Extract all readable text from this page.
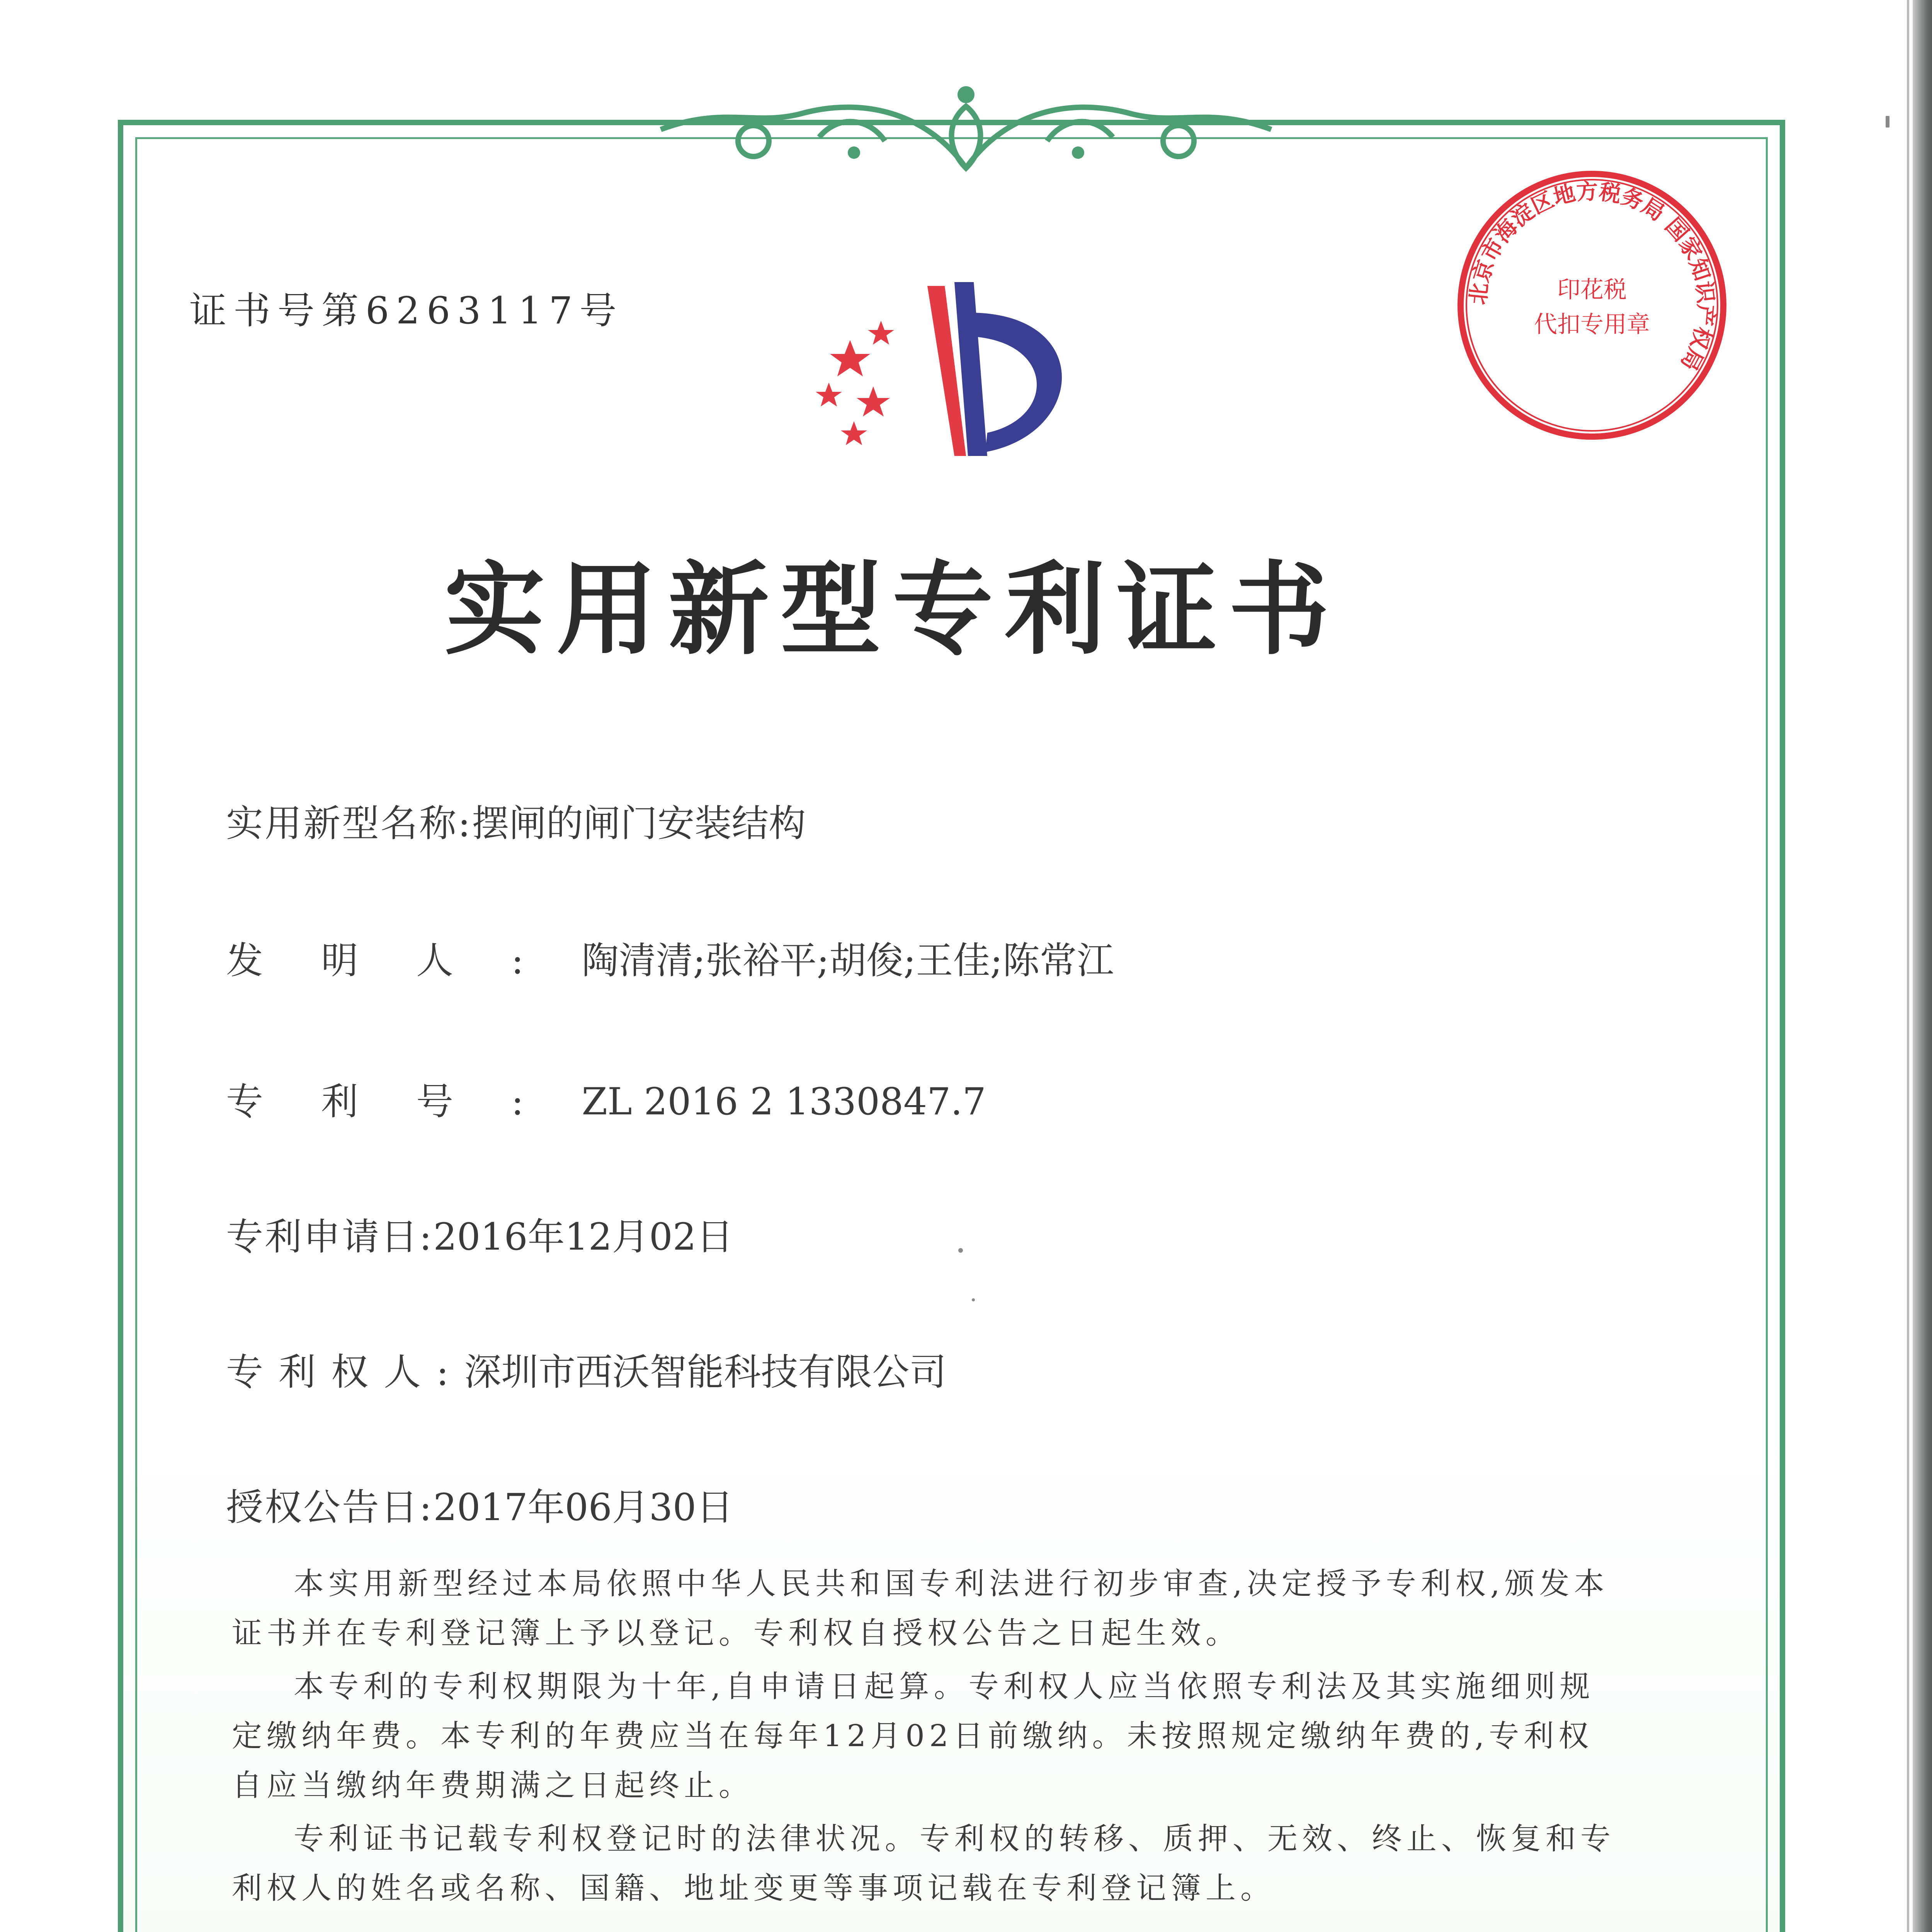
证书号第6263117号
实用新型专利证书
实用新型名称:摆闸的闸门安装结构
发明人:陶清清;张裕平;胡俊;王佳;陈常江
专利号:ZL 2016 2 1330847.7
专利申请日:2016年12月02日
专利权人:深圳市西沃智能科技有限公司
授权公告日:2017年06月30日

本实用新型经过本局依照中华人民共和国专利法进行初步审查,决定授予专利权,颁发本证书并在专利登记簿上予以登记。专利权自授权公告之日起生效。

本专利的专利权期限为十年,自申请日起算。专利权人应当依照专利法及其实施细则规定缴纳年费。本专利的年费应当在每年12月02日前缴纳。未按照规定缴纳年费的,专利权自应当缴纳年费期满之日起终止。

专利证书记载专利权登记时的法律状况。专利权的转移、质押、无效、终止、恢复和专利权人的姓名或名称、国籍、地址变更等事项记载在专利登记簿上。

北京市海淀区地方税务局 国家知识产权局
印花税
代扣专用章
